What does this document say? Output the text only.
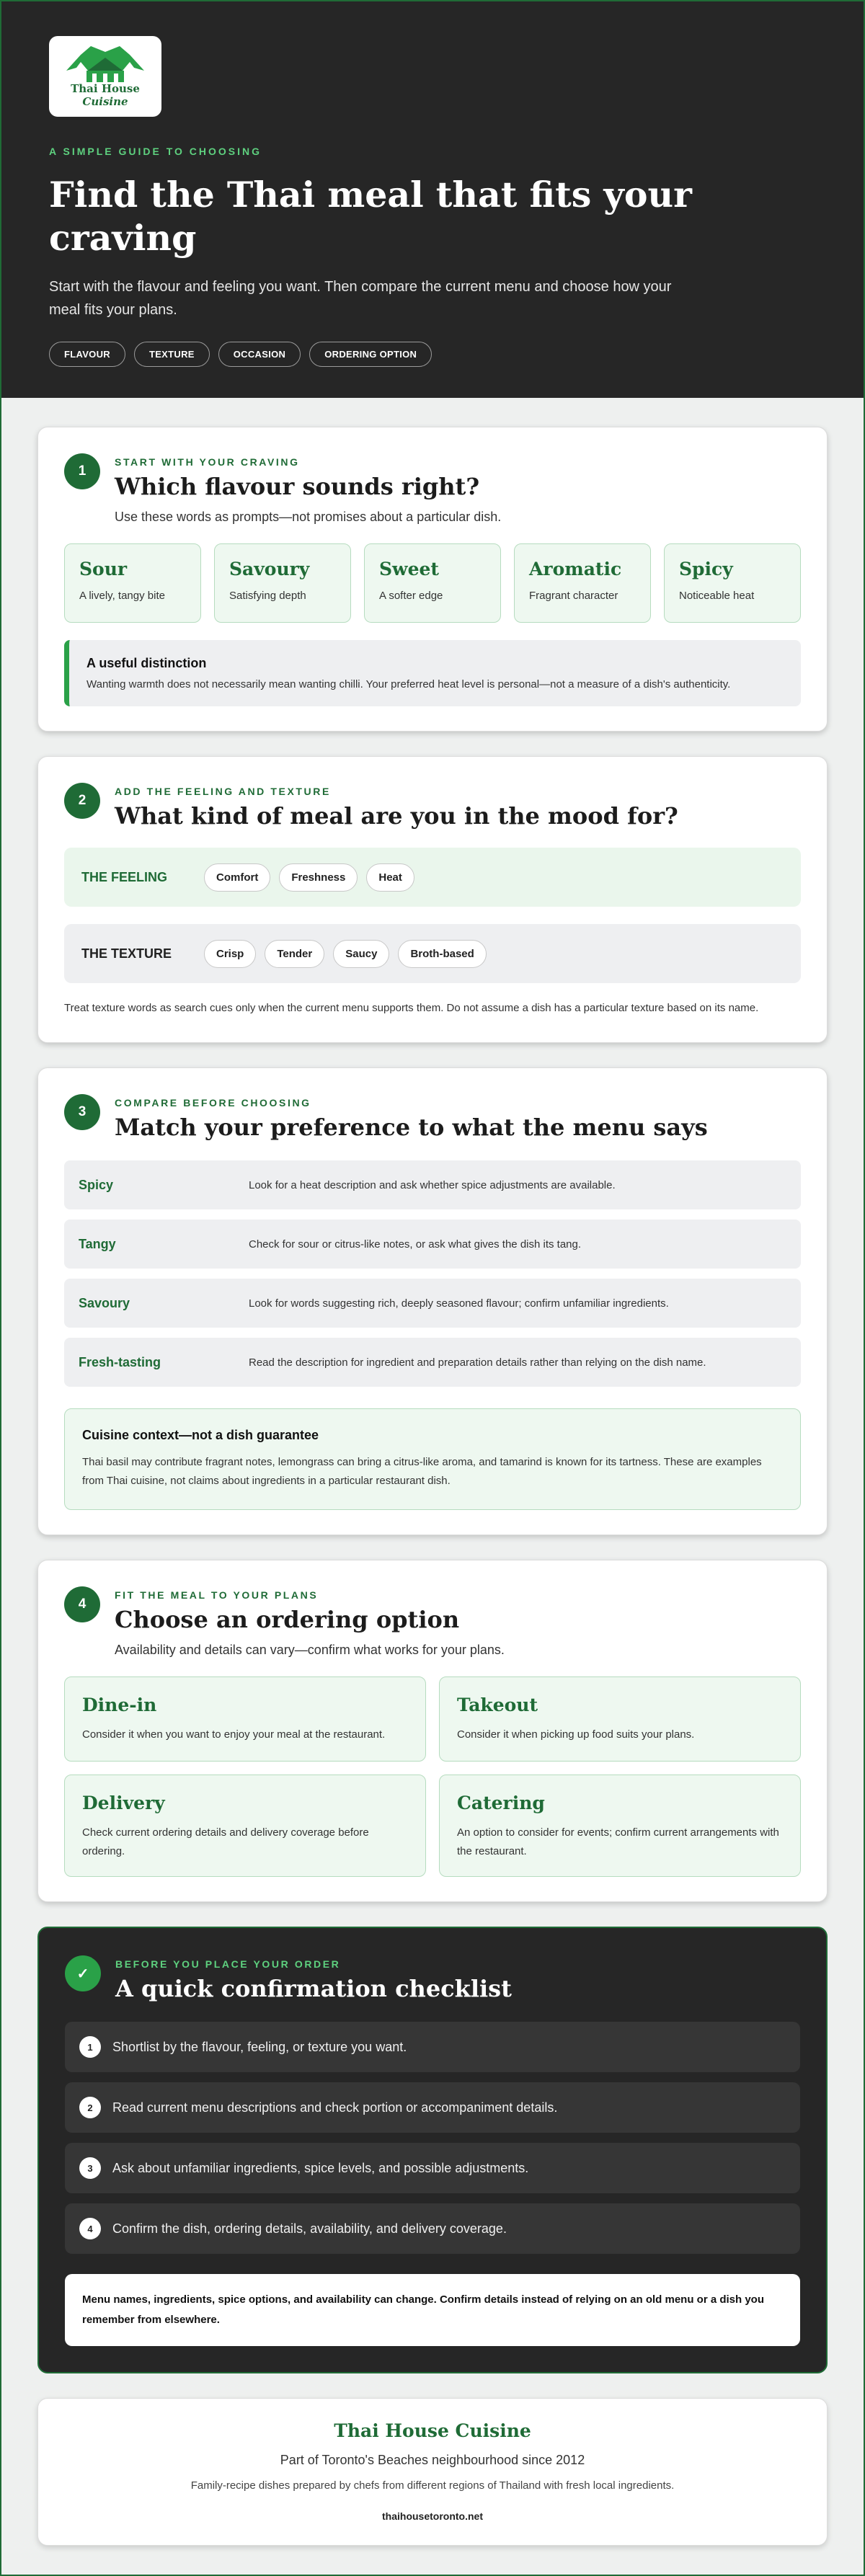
Thai House
Cuisine
A SIMPLE GUIDE TO CHOOSING
Find the Thai meal that fits your craving

Start with the flavour and feeling you want. Then compare the current menu and choose how your meal fits your plans.

FLAVOUR	TEXTURE	OCCASION	ORDERING OPTION
1
START WITH YOUR CRAVING
Which flavour sounds right?

Use these words as prompts—not promises about a particular dish.

Sour
A lively, tangy bite
Savoury
Satisfying depth
Sweet
A softer edge
Aromatic
Fragrant character
Spicy
Noticeable heat
A useful distinction
Wanting warmth does not necessarily mean wanting chilli. Your preferred heat level is personal—not a measure of a dish's authenticity.
2
ADD THE FEELING AND TEXTURE
What kind of meal are you in the mood for?
THE FEELING	Comfort	Freshness	Heat
THE TEXTURE	Crisp	Tender	Saucy	Broth-based

Treat texture words as search cues only when the current menu supports them. Do not assume a dish has a particular texture based on its name.

3
COMPARE BEFORE CHOOSING
Match your preference to what the menu says
Spicy	Look for a heat description and ask whether spice adjustments are available.
Tangy	Check for sour or citrus-like notes, or ask what gives the dish its tang.
Savoury	Look for words suggesting rich, deeply seasoned flavour; confirm unfamiliar ingredients.
Fresh-tasting	Read the description for ingredient and preparation details rather than relying on the dish name.
Cuisine context—not a dish guarantee
Thai basil may contribute fragrant notes, lemongrass can bring a citrus-like aroma, and tamarind is known for its tartness. These are examples from Thai cuisine, not claims about ingredients in a particular restaurant dish.
4
FIT THE MEAL TO YOUR PLANS
Choose an ordering option

Availability and details can vary—confirm what works for your plans.

Dine-in
Consider it when you want to enjoy your meal at the restaurant.
Takeout
Consider it when picking up food suits your plans.
Delivery
Check current ordering details and delivery coverage before ordering.
Catering
An option to consider for events; confirm current arrangements with the restaurant.
✓
BEFORE YOU PLACE YOUR ORDER
A quick confirmation checklist
1	Shortlist by the flavour, feeling, or texture you want.
2	Read current menu descriptions and check portion or accompaniment details.
3	Ask about unfamiliar ingredients, spice levels, and possible adjustments.
4	Confirm the dish, ordering details, availability, and delivery coverage.
Menu names, ingredients, spice options, and availability can change. Confirm details instead of relying on an old menu or a dish you remember from elsewhere.
Thai House Cuisine
Part of Toronto's Beaches neighbourhood since 2012
Family-recipe dishes prepared by chefs from different regions of Thailand with fresh local ingredients.
thaihousetoronto.net
